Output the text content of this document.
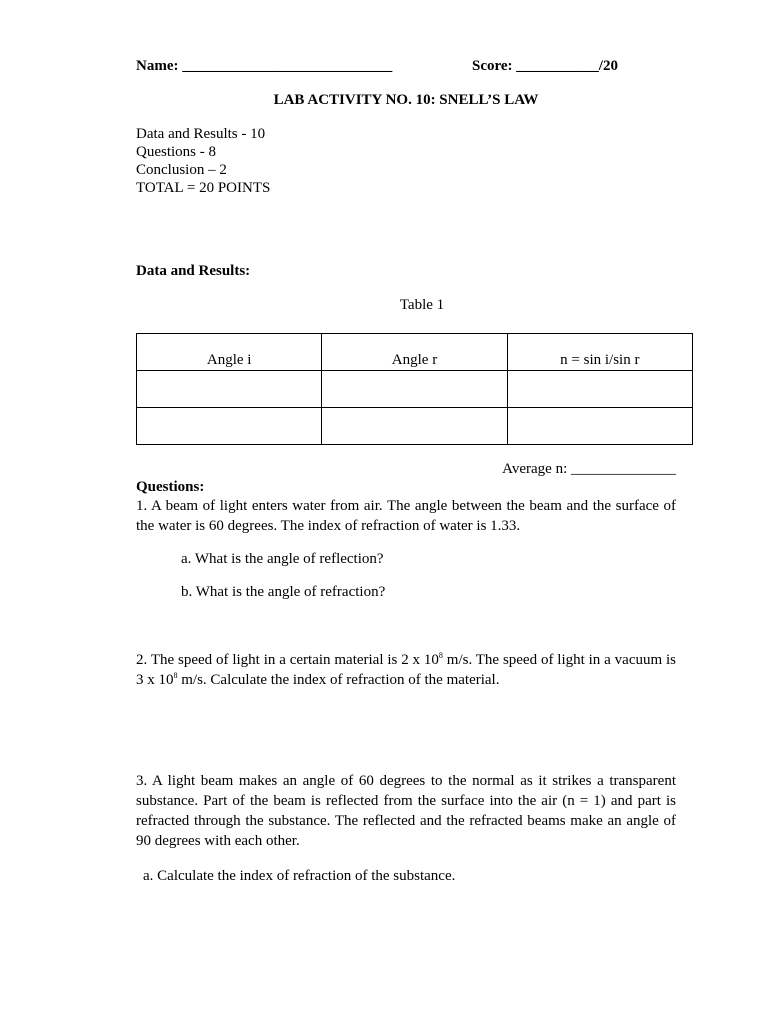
Name: ____________________________	Score: ___________/20
LAB ACTIVITY NO. 10: SNELL’S LAW
Data and Results - 10
Questions - 8
Conclusion – 2
TOTAL = 20 POINTS
Data and Results:
Table 1
Angle i	Angle r	n = sin i/sin r

Average n: ______________
Questions:
1. A beam of light enters water from air. The angle between the beam and the surface of the water is 60 degrees. The index of refraction of water is 1.33.
a. What is the angle of reflection?
b. What is the angle of refraction?
2. The speed of light in a certain material is 2 x $10^8$ m/s. The speed of light in a vacuum is 3 x $10^8$ m/s. Calculate the index of refraction of the material.
3. A light beam makes an angle of 60 degrees to the normal as it strikes a transparent substance. Part of the beam is reflected from the surface into the air (n = 1) and part is refracted through the substance. The reflected and the refracted beams make an angle of 90 degrees with each other.
a. Calculate the index of refraction of the substance.
